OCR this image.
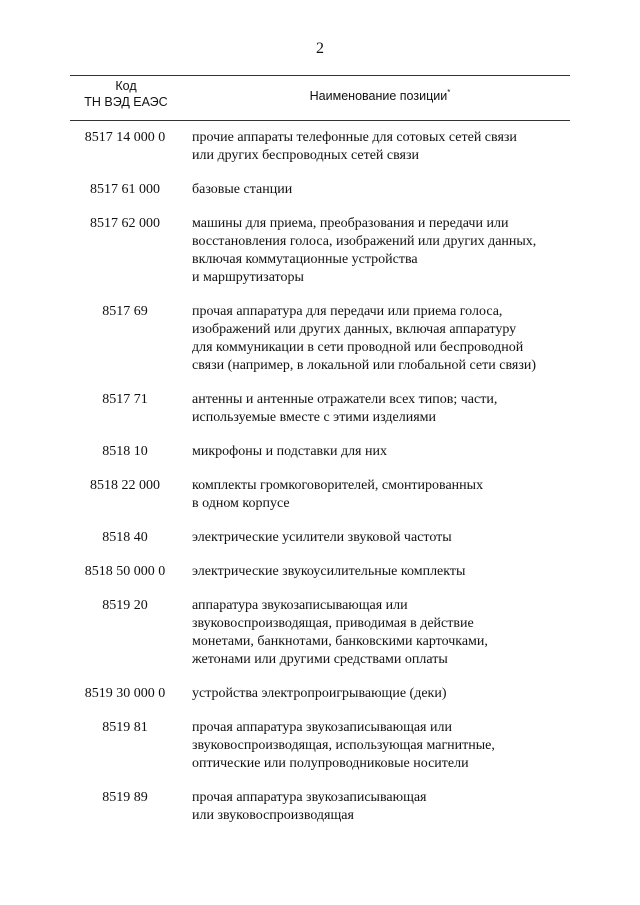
2
Код
ТН ВЭД ЕАЭС	Наименование позиции*
8517 14 000 0	прочие аппараты телефонные для сотовых сетей связи
или других беспроводных сетей связи
8517 61 000	базовые станции
8517 62 000	машины для приема, преобразования и передачи или
восстановления голоса, изображений или других данных,
включая коммутационные устройства
и маршрутизаторы
8517 69	прочая аппаратура для передачи или приема голоса,
изображений или других данных, включая аппаратуру
для коммуникации в сети проводной или беспроводной
связи (например, в локальной или глобальной сети связи)
8517 71	антенны и антенные отражатели всех типов; части,
используемые вместе с этими изделиями
8518 10	микрофоны и подставки для них
8518 22 000	комплекты громкоговорителей, смонтированных
в одном корпусе
8518 40	электрические усилители звуковой частоты
8518 50 000 0	электрические звукоусилительные комплекты
8519 20	аппаратура звукозаписывающая или
звуковоспроизводящая, приводимая в действие
монетами, банкнотами, банковскими карточками,
жетонами или другими средствами оплаты
8519 30 000 0	устройства электропроигрывающие (деки)
8519 81	прочая аппаратура звукозаписывающая или
звуковоспроизводящая, использующая магнитные,
оптические или полупроводниковые носители
8519 89	прочая аппаратура звукозаписывающая
или звуковоспроизводящая
